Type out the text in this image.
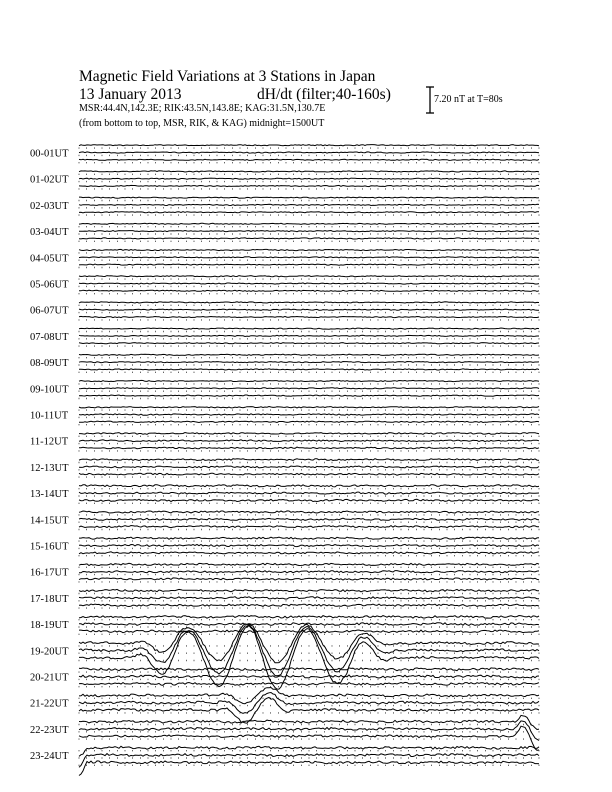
Magnetic Field Variations at 3 Stations in Japan
13 January 2013	dH/dt (filter;40-160s)
MSR:44.4N,142.3E; RIK:43.5N,143.8E; KAG:31.5N,130.7E
(from bottom to top, MSR, RIK, & KAG) midnight=1500UT
7.20 nT at T=80s
00-01UT
01-02UT
02-03UT
03-04UT
04-05UT
05-06UT
06-07UT
07-08UT
08-09UT
09-10UT
10-11UT
11-12UT
12-13UT
13-14UT
14-15UT
15-16UT
16-17UT
17-18UT
18-19UT
19-20UT
20-21UT
21-22UT
22-23UT
23-24UT
